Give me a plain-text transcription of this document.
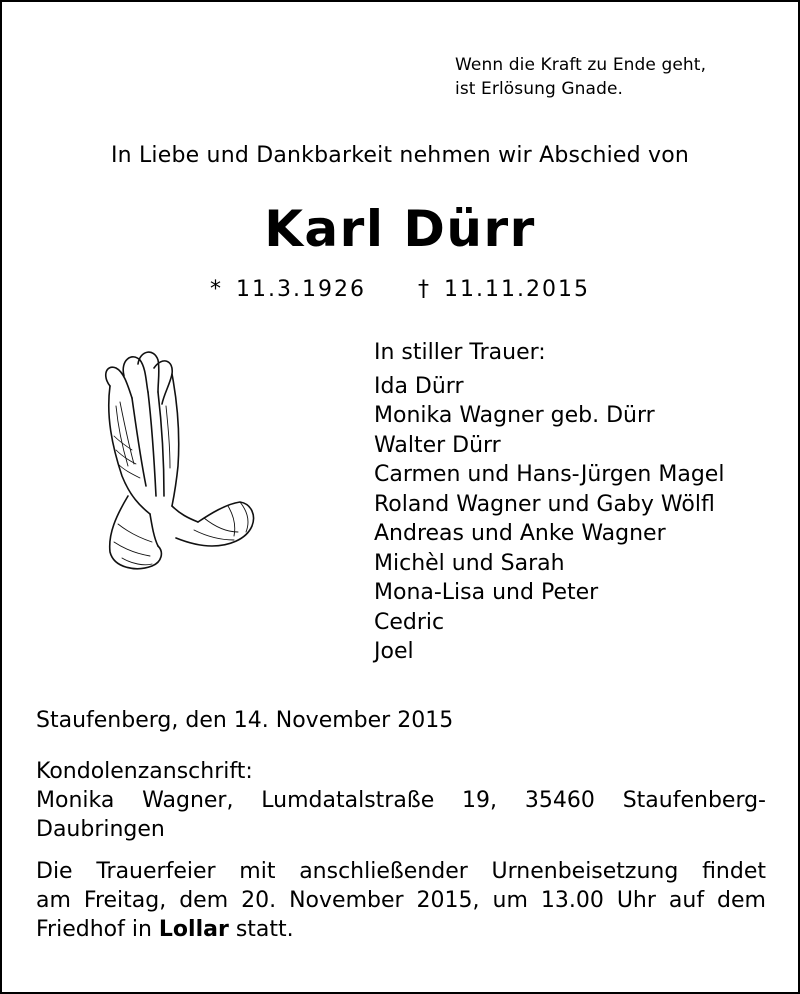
Wenn die Kraft zu Ende geht,
ist Erlösung Gnade.
In Liebe und Dankbarkeit nehmen wir Abschied von
Karl Dürr
* 11.3.1926 † 11.11.2015
In stiller Trauer:
Ida Dürr
Monika Wagner geb. Dürr
Walter Dürr
Carmen und Hans-Jürgen Magel
Roland Wagner und Gaby Wölfl
Andreas und Anke Wagner
Michèl und Sarah
Mona-Lisa und Peter
Cedric
Joel
Staufenberg, den 14. November 2015
Kondolenzanschrift:
Monika Wagner, Lumdatalstraße 19, 35460 Staufenberg-
Daubringen
Die Trauerfeier mit anschließender Urnenbeisetzung findet
am Freitag, dem 20. November 2015, um 13.00 Uhr auf dem
Friedhof in Lollar statt.
